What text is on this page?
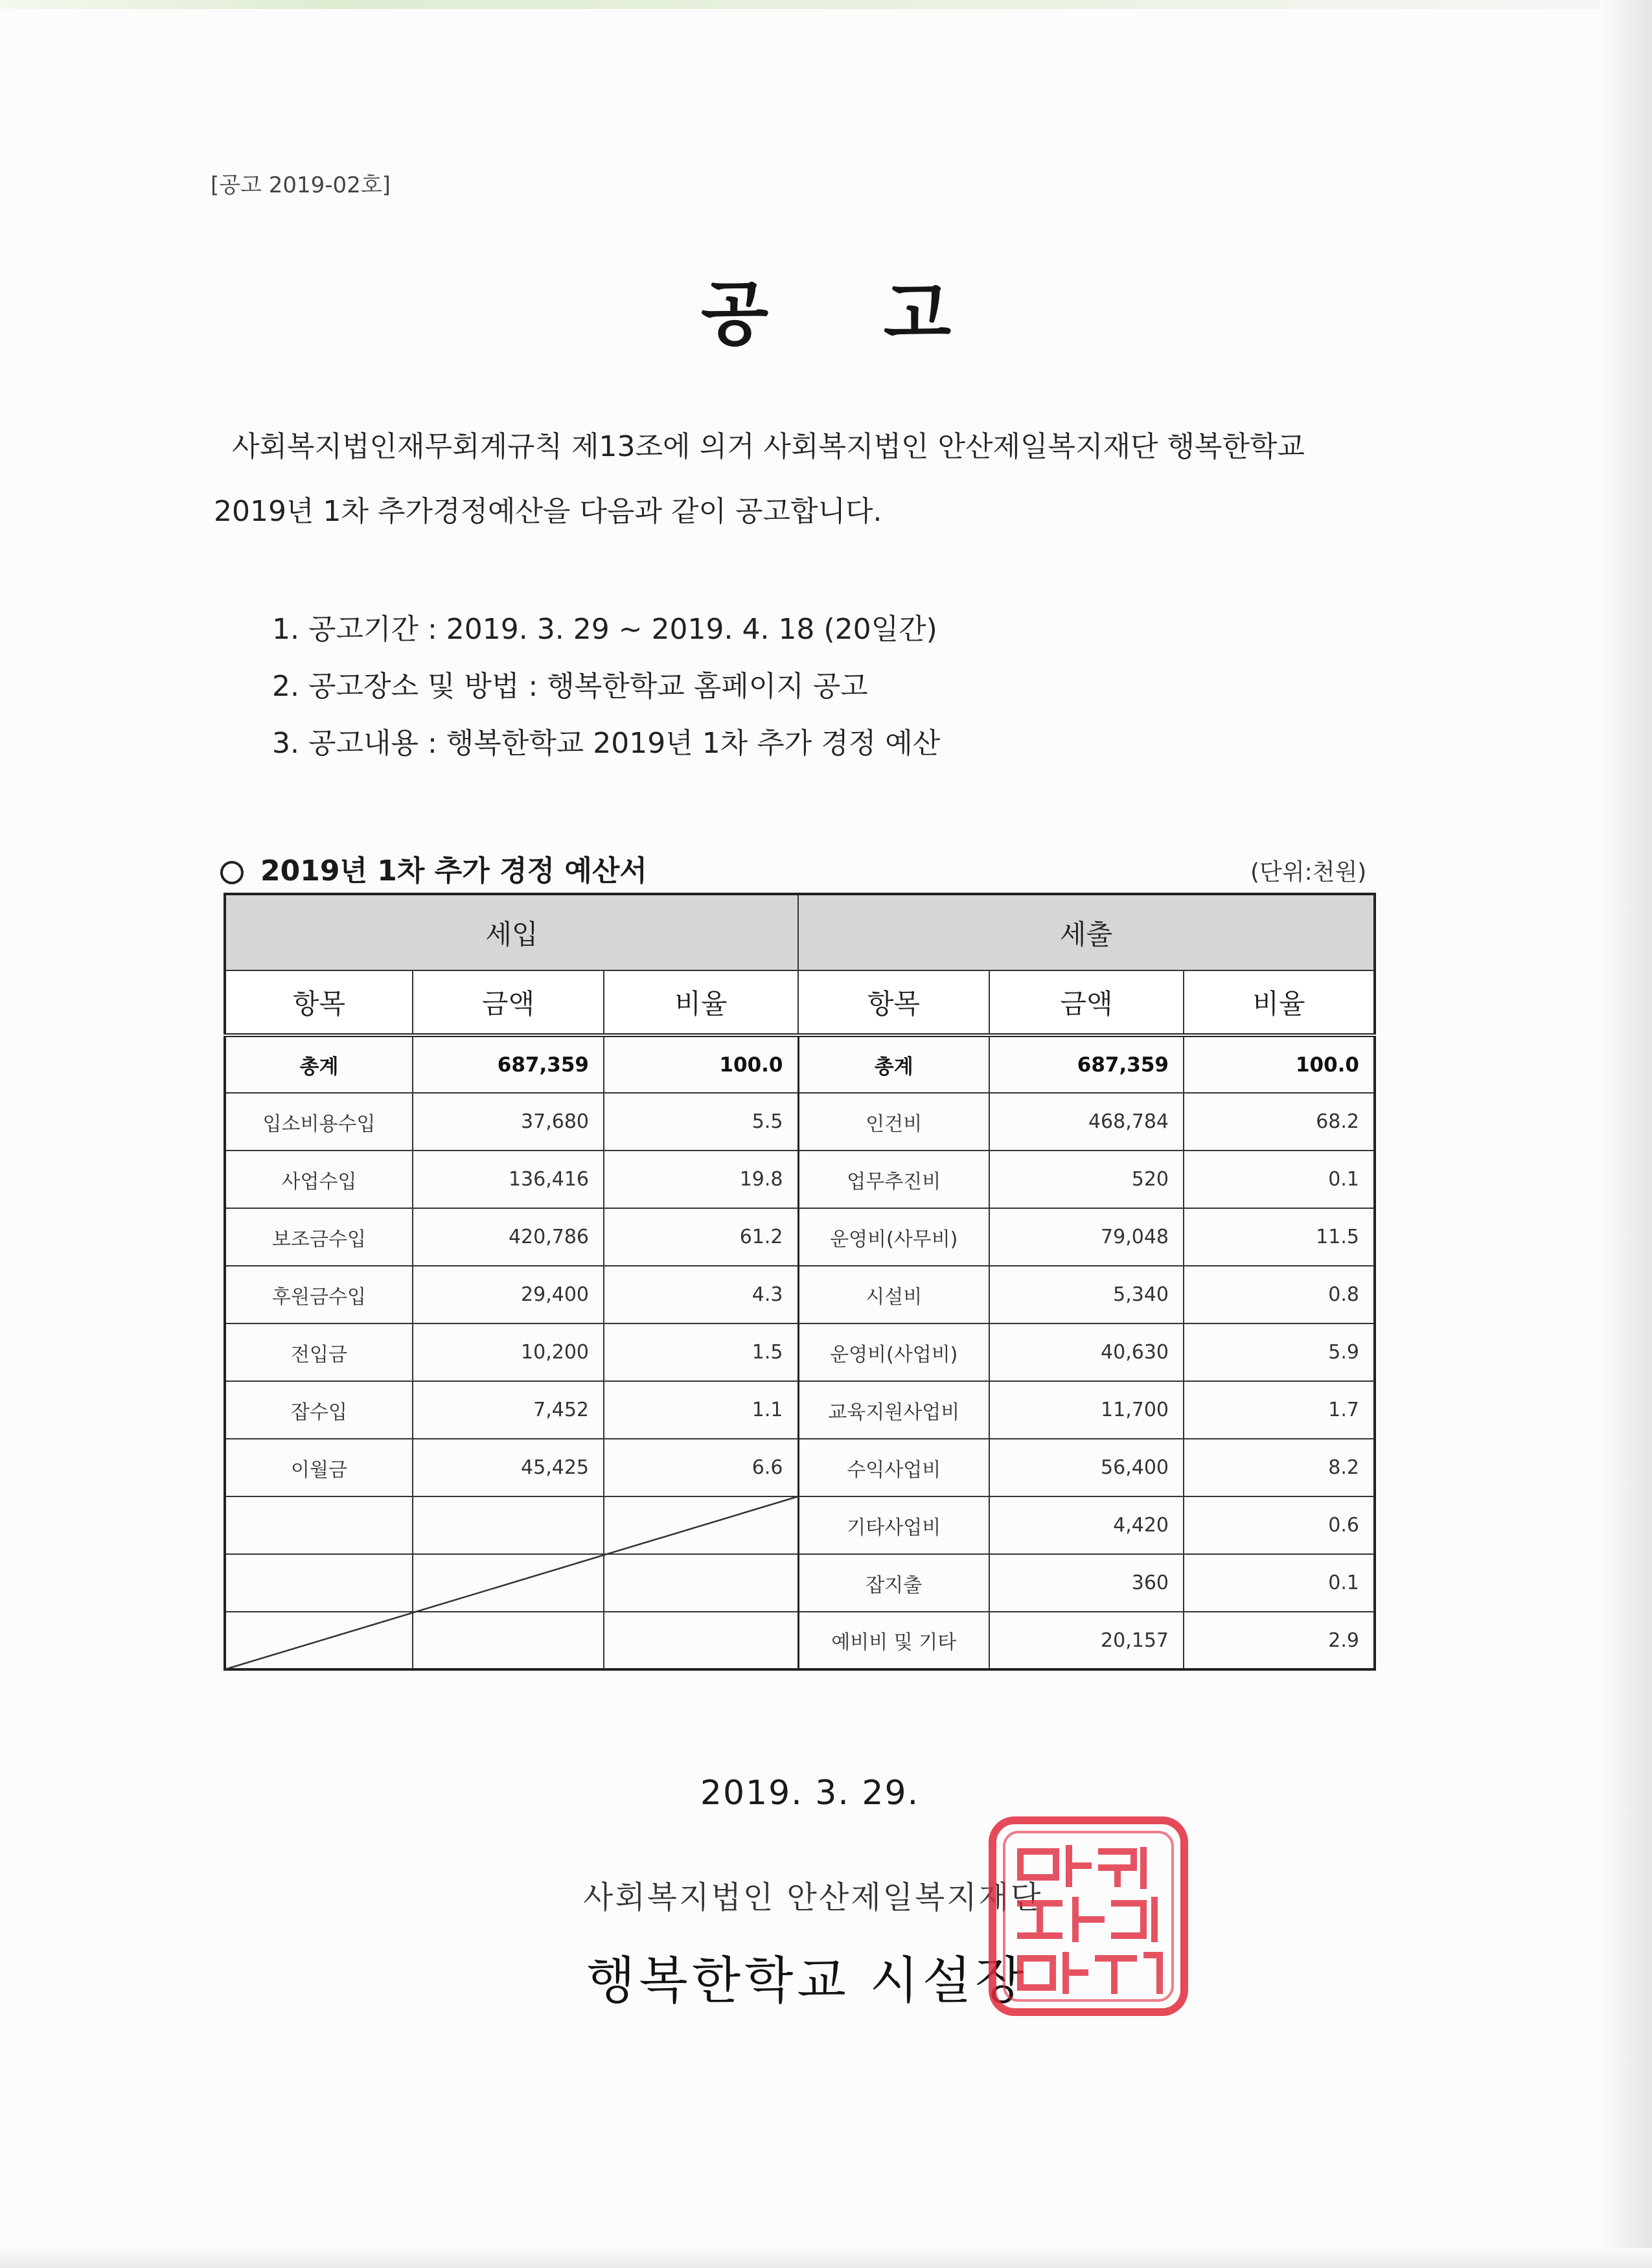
[공고 2019-02호]
공 고
사회복지법인재무회계규칙 제13조에 의거 사회복지법인 안산제일복지재단 행복한학교
2019년 1차 추가경정예산을 다음과 같이 공고합니다.
1. 공고기간 : 2019. 3. 29 ~ 2019. 4. 18 (20일간)
2. 공고장소 및 방법 : 행복한학교 홈페이지 공고
3. 공고내용 : 행복한학교 2019년 1차 추가 경정 예산
2019년 1차 추가 경정 예산서	(단위:천원)
세입			세출		
항목	금액	비율	항목	금액	비율
총계	687,359	100.0	총계	687,359	100.0
입소비용수입	37,680	5.5	인건비	468,784	68.2
사업수입	136,416	19.8	업무추진비	520	0.1
보조금수입	420,786	61.2	운영비(사무비)	79,048	11.5
후원금수입	29,400	4.3	시설비	5,340	0.8
전입금	10,200	1.5	운영비(사업비)	40,630	5.9
잡수입	7,452	1.1	교육지원사업비	11,700	1.7
이월금	45,425	6.6	수익사업비	56,400	8.2
			기타사업비	4,420	0.6
			잡지출	360	0.1
			예비비 및 기타	20,157	2.9
2019. 3. 29.
사회복지법인 안산제일복지재단
행복한학교 시설장
